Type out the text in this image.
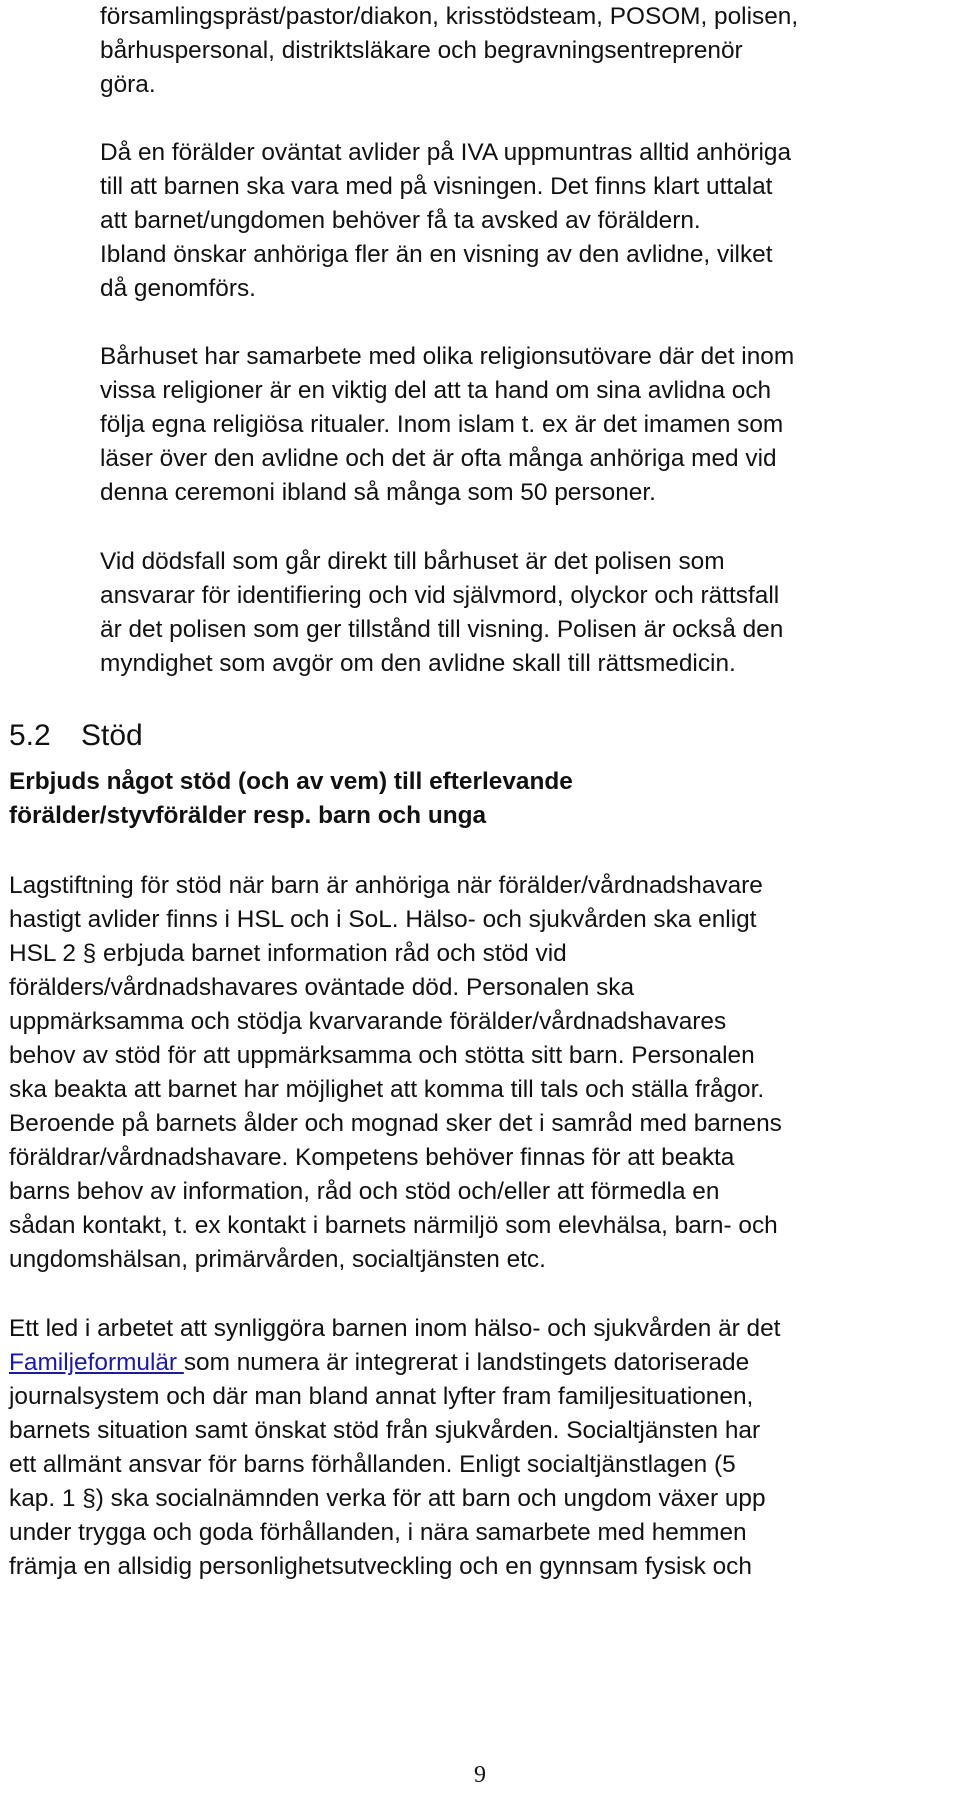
församlingspräst/pastor/diakon, krisstödsteam, POSOM, polisen,

bårhuspersonal, distriktsläkare och begravningsentreprenör

göra.

Då en förälder oväntat avlider på IVA uppmuntras alltid anhöriga

till att barnen ska vara med på visningen. Det finns klart uttalat

att barnet/ungdomen behöver få ta avsked av föräldern.

Ibland önskar anhöriga fler än en visning av den avlidne, vilket

då genomförs.

Bårhuset har samarbete med olika religionsutövare där det inom

vissa religioner är en viktig del att ta hand om sina avlidna och

följa egna religiösa ritualer. Inom islam t. ex är det imamen som

läser över den avlidne och det är ofta många anhöriga med vid

denna ceremoni ibland så många som 50 personer.

Vid dödsfall som går direkt till bårhuset är det polisen som

ansvarar för identifiering och vid självmord, olyckor och rättsfall

är det polisen som ger tillstånd till visning. Polisen är också den

myndighet som avgör om den avlidne skall till rättsmedicin.

5.2 Stöd
Erbjuds något stöd (och av vem) till efterlevande
förälder/styvförälder resp. barn och unga

Lagstiftning för stöd när barn är anhöriga när förälder/vårdnadshavare

hastigt avlider finns i HSL och i SoL. Hälso- och sjukvården ska enligt

HSL 2 § erbjuda barnet information råd och stöd vid

förälders/vårdnadshavares oväntade död. Personalen ska

uppmärksamma och stödja kvarvarande förälder/vårdnadshavares

behov av stöd för att uppmärksamma och stötta sitt barn. Personalen

ska beakta att barnet har möjlighet att komma till tals och ställa frågor.

Beroende på barnets ålder och mognad sker det i samråd med barnens

föräldrar/vårdnadshavare. Kompetens behöver finnas för att beakta

barns behov av information, råd och stöd och/eller att förmedla en

sådan kontakt, t. ex kontakt i barnets närmiljö som elevhälsa, barn- och

ungdomshälsan, primärvården, socialtjänsten etc.

Ett led i arbetet att synliggöra barnen inom hälso- och sjukvården är det

Familjeformulär som numera är integrerat i landstingets datoriserade

journalsystem och där man bland annat lyfter fram familjesituationen,

barnets situation samt önskat stöd från sjukvården. Socialtjänsten har

ett allmänt ansvar för barns förhållanden. Enligt socialtjänstlagen (5

kap. 1 §) ska socialnämnden verka för att barn och ungdom växer upp

under trygga och goda förhållanden, i nära samarbete med hemmen

främja en allsidig personlighetsutveckling och en gynnsam fysisk och

9
